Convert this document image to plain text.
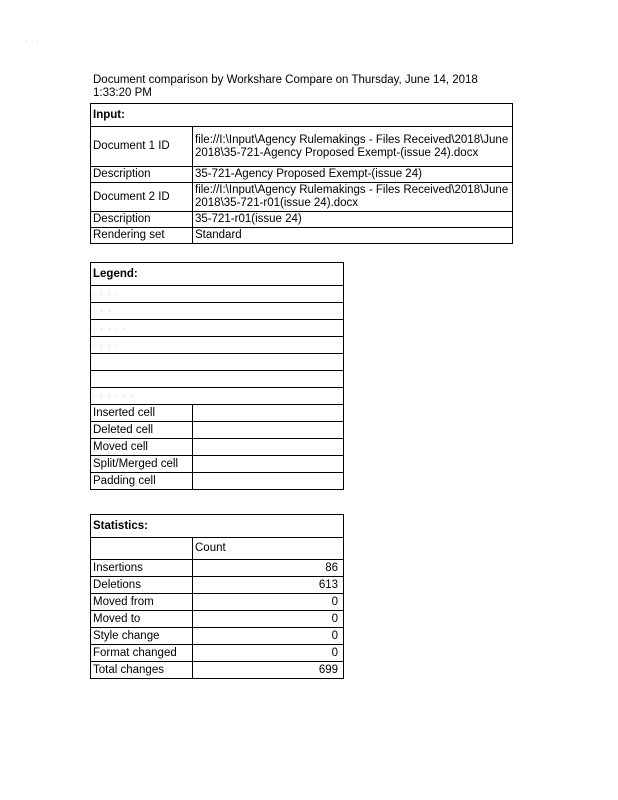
· ·
Document comparison by Workshare Compare on Thursday, June 14, 2018 1:33:20 PM
Input:	
Document 1 ID	file://I:\Input\Agency Rulemakings - Files Received\2018\June 2018\35-721-Agency Proposed Exempt-(issue 24).docx
Description	35-721-Agency Proposed Exempt-(issue 24)
Document 2 ID	file://I:\Input\Agency Rulemakings - Files Received\2018\June 2018\35-721-r01(issue 24).docx
Description	35-721-r01(issue 24)
Rendering set	Standard
Legend:	
· · · ·	
· · ·	
· · · · ·	
· · · ·	

· · · · · ·	
Inserted cell	
Deleted cell	
Moved cell	
Split/Merged cell	
Padding cell	
Statistics:	
	Count
Insertions	86
Deletions	613
Moved from	0
Moved to	0
Style change	0
Format changed	0
Total changes	699
